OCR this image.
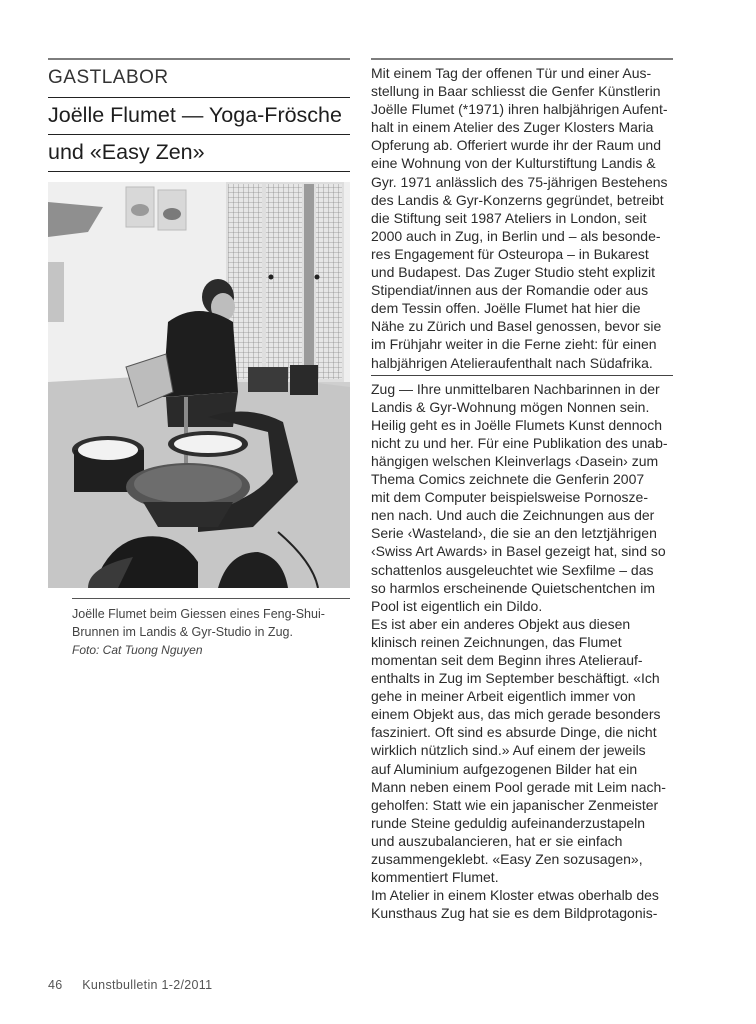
GASTLABOR
Joëlle Flumet — Yoga-Frösche
und «Easy Zen»
Joëlle Flumet beim Giessen eines Feng-Shui-
Brunnen im Landis & Gyr-Studio in Zug.
Foto: Cat Tuong Nguyen
Mit einem Tag der offenen Tür und einer Aus-
stellung in Baar schliesst die Genfer Künstlerin
Joëlle Flumet (*1971) ihren halbjährigen Aufent-
halt in einem Atelier des Zuger Klosters Maria
Opferung ab. Offeriert wurde ihr der Raum und
eine Wohnung von der Kulturstiftung Landis &
Gyr. 1971 anlässlich des 75-jährigen Bestehens
des Landis & Gyr-Konzerns gegründet, betreibt
die Stiftung seit 1987 Ateliers in London, seit
2000 auch in Zug, in Berlin und – als besonde-
res Engagement für Osteuropa – in Bukarest
und Budapest. Das Zuger Studio steht explizit
Stipendiat/innen aus der Romandie oder aus
dem Tessin offen. Joëlle Flumet hat hier die
Nähe zu Zürich und Basel genossen, bevor sie
im Frühjahr weiter in die Ferne zieht: für einen
halbjährigen Atelieraufenthalt nach Südafrika.
Zug — Ihre unmittelbaren Nachbarinnen in der
Landis & Gyr-Wohnung mögen Nonnen sein.
Heilig geht es in Joëlle Flumets Kunst dennoch
nicht zu und her. Für eine Publikation des unab-
hängigen welschen Kleinverlags ‹Dasein› zum
Thema Comics zeichnete die Genferin 2007
mit dem Computer beispielsweise Pornosze-
nen nach. Und auch die Zeichnungen aus der
Serie ‹Wasteland›, die sie an den letztjährigen
‹Swiss Art Awards› in Basel gezeigt hat, sind so
schattenlos ausgeleuchtet wie Sexfilme – das
so harmlos erscheinende Quietschentchen im
Pool ist eigentlich ein Dildo.
Es ist aber ein anderes Objekt aus diesen
klinisch reinen Zeichnungen, das Flumet
momentan seit dem Beginn ihres Atelierauf-
enthalts in Zug im September beschäftigt. «Ich
gehe in meiner Arbeit eigentlich immer von
einem Objekt aus, das mich gerade besonders
fasziniert. Oft sind es absurde Dinge, die nicht
wirklich nützlich sind.» Auf einem der jeweils
auf Aluminium aufgezogenen Bilder hat ein
Mann neben einem Pool gerade mit Leim nach-
geholfen: Statt wie ein japanischer Zenmeister
runde Steine geduldig aufeinanderzustapeln
und auszubalancieren, hat er sie einfach
zusammengeklebt. «Easy Zen sozusagen»,
kommentiert Flumet.
Im Atelier in einem Kloster etwas oberhalb des
Kunsthaus Zug hat sie es dem Bildprotagonis-
46 Kunstbulletin 1-2/2011
